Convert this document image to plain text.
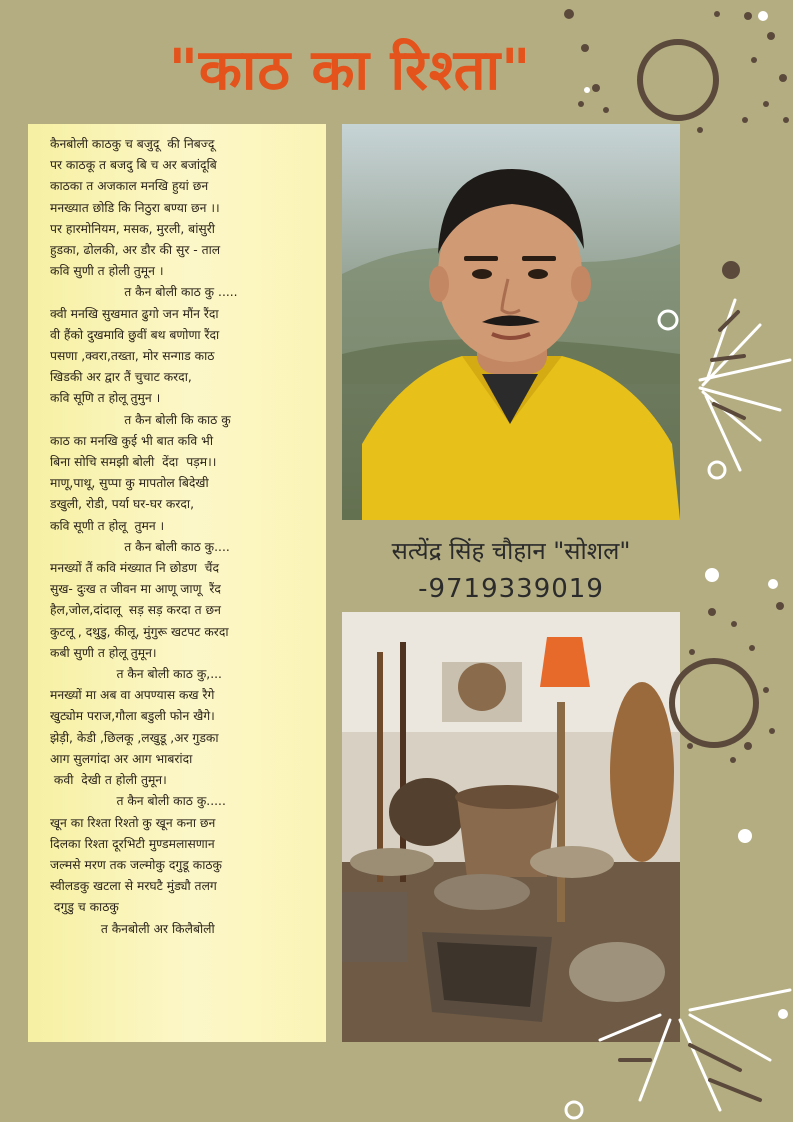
"काठ का रिश्ता"
कैनबोली काठकु च बजुदू  की निबज्दू
पर काठकू त बजदु बि च अर बजांदूबि
काठका त अजकाल मनखि हुयां छन
मनख्यात छोडि कि निठुरा बण्या छन ।।
पर हारमोनियम, मसक, मुरली, बांसुरी
हुडका, ढोलकी, अर डौर की सुर - ताल
कवि सुणी त होली तुमून ।
त कैन बोली काठ कु .....
क्वी मनखि सुखमात ढुगो जन मौंन रैंदा
वी हैंको दुखमावि छुवीं बथ बणोणा रैंदा
पसणा ,क्वरा,तख्ता, मोर सन्गाड काठ
खिडकी अर द्वार तैं चुचाट करदा,
कवि सूणि त होलू तुमुन ।
त कैन बोली कि काठ कु
काठ का मनखि कुई भी बात कवि भी
बिना सोचि समझी बोली  देंदा  पड़म।।
माणू,पाथू, सुप्पा कु मापतोल बिदेखी
डखुली, रोडी, पर्या घर-घर करदा,
कवि सूणी त होलू  तुमन ।
त कैन बोली काठ कु....
मनख्यों तैं कवि मंख्यात नि छोडण  चैंद
सुख- दुःख त जीवन मा आणू जाणू  रैंद
हैल,जोल,दांदालू  सड़ सड़ करदा त छन
कुटलू , दथुडु, कीलू, मुंगुरू खटपट करदा
कबी सुणी त होलू तुमून।
त कैन बोली काठ कु,...
मनख्यों मा अब वा अपण्यास कख रैगे
खुट्योम पराज,गौला बडुली फोन खैगे।
झेड़ी, केडी ,छिलकू ,लखुडू ,अर गुडका
आग सुलगांदा अर आग भाबरांदा
कवी  देखी त होली तुमून।
त कैन बोली काठ कु.....
खून का रिश्ता रिश्तो कु खून कना छन
दिलका रिश्ता दूरभिटी मुण्डमलासणान
जल्मसे मरण तक जल्मोकु दगुडू काठकु
स्वीलडकु खटला से मरघटै मुंड्यौ तलग
दगुडु च काठकु
त कैनबोली अर किलैबोली
सत्येंद्र सिंह चौहान "सोशल"
-9719339019
